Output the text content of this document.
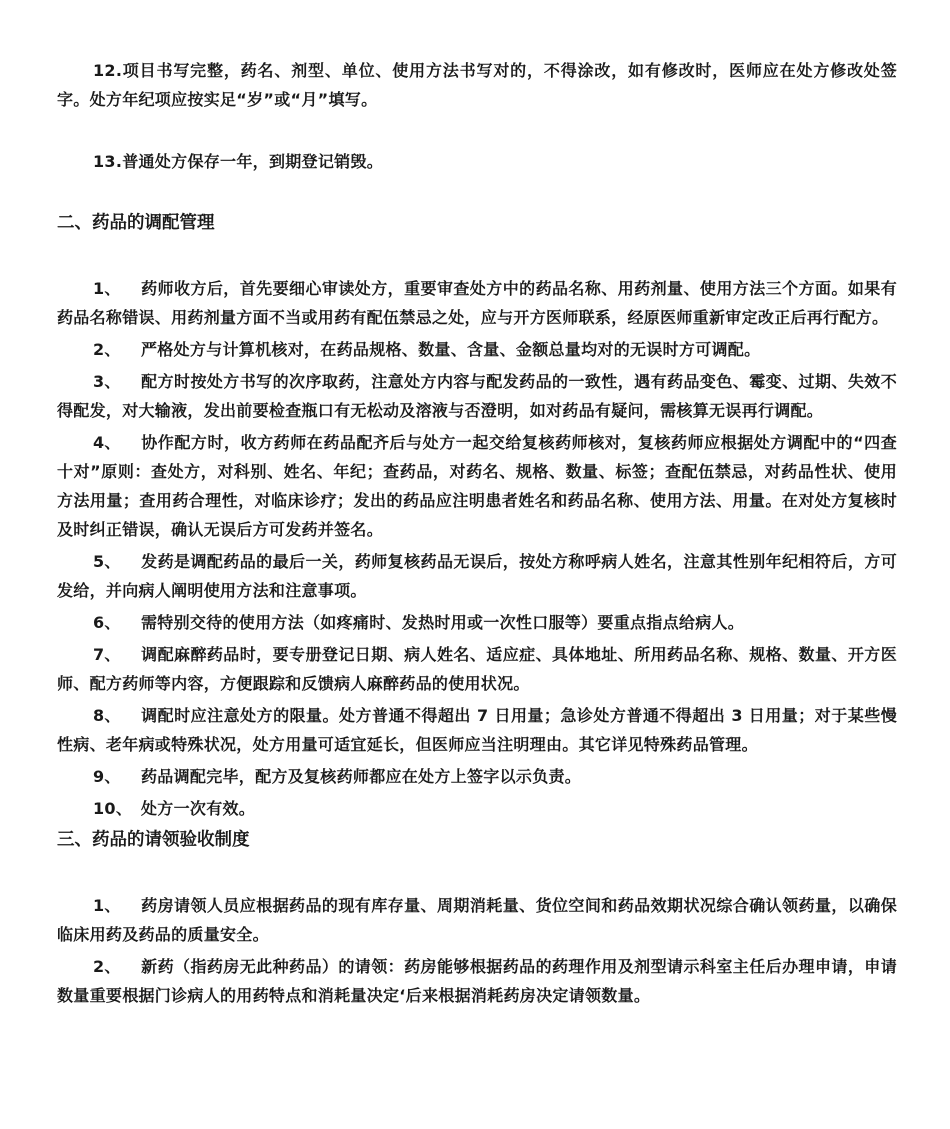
12.项目书写完整，药名、剂型、单位、使用方法书写对的，不得涂改，如有修改时，医师应在处方修改处签字。处方年纪项应按实足“岁”或“月”填写。

13.普通处方保存一年，到期登记销毁。

二、药品的调配管理

1、 药师收方后，首先要细心审读处方，重要审查处方中的药品名称、用药剂量、使用方法三个方面。如果有药品名称错误、用药剂量方面不当或用药有配伍禁忌之处，应与开方医师联系，经原医师重新审定改正后再行配方。

2、 严格处方与计算机核对，在药品规格、数量、含量、金额总量均对的无误时方可调配。

3、 配方时按处方书写的次序取药，注意处方内容与配发药品的一致性，遇有药品变色、霉变、过期、失效不得配发，对大输液，发出前要检查瓶口有无松动及溶液与否澄明，如对药品有疑问，需核算无误再行调配。

4、 协作配方时，收方药师在药品配齐后与处方一起交给复核药师核对，复核药师应根据处方调配中的“四查十对”原则：查处方，对科别、姓名、年纪；查药品，对药名、规格、数量、标签；查配伍禁忌，对药品性状、使用方法用量；查用药合理性，对临床诊疗；发出的药品应注明患者姓名和药品名称、使用方法、用量。在对处方复核时及时纠正错误，确认无误后方可发药并签名。

5、 发药是调配药品的最后一关，药师复核药品无误后，按处方称呼病人姓名，注意其性别年纪相符后，方可发给，并向病人阐明使用方法和注意事项。

6、 需特别交待的使用方法（如疼痛时、发热时用或一次性口服等）要重点指点给病人。

7、 调配麻醉药品时，要专册登记日期、病人姓名、适应症、具体地址、所用药品名称、规格、数量、开方医师、配方药师等内容，方便跟踪和反馈病人麻醉药品的使用状况。

8、 调配时应注意处方的限量。处方普通不得超出 7 日用量；急诊处方普通不得超出 3 日用量；对于某些慢性病、老年病或特殊状况，处方用量可适宜延长，但医师应当注明理由。其它详见特殊药品管理。

9、 药品调配完毕，配方及复核药师都应在处方上签字以示负责。

10、 处方一次有效。

三、药品的请领验收制度

1、 药房请领人员应根据药品的现有库存量、周期消耗量、货位空间和药品效期状况综合确认领药量，以确保临床用药及药品的质量安全。

2、 新药（指药房无此种药品）的请领：药房能够根据药品的药理作用及剂型请示科室主任后办理申请，申请数量重要根据门诊病人的用药特点和消耗量决定‘后来根据消耗药房决定请领数量。
